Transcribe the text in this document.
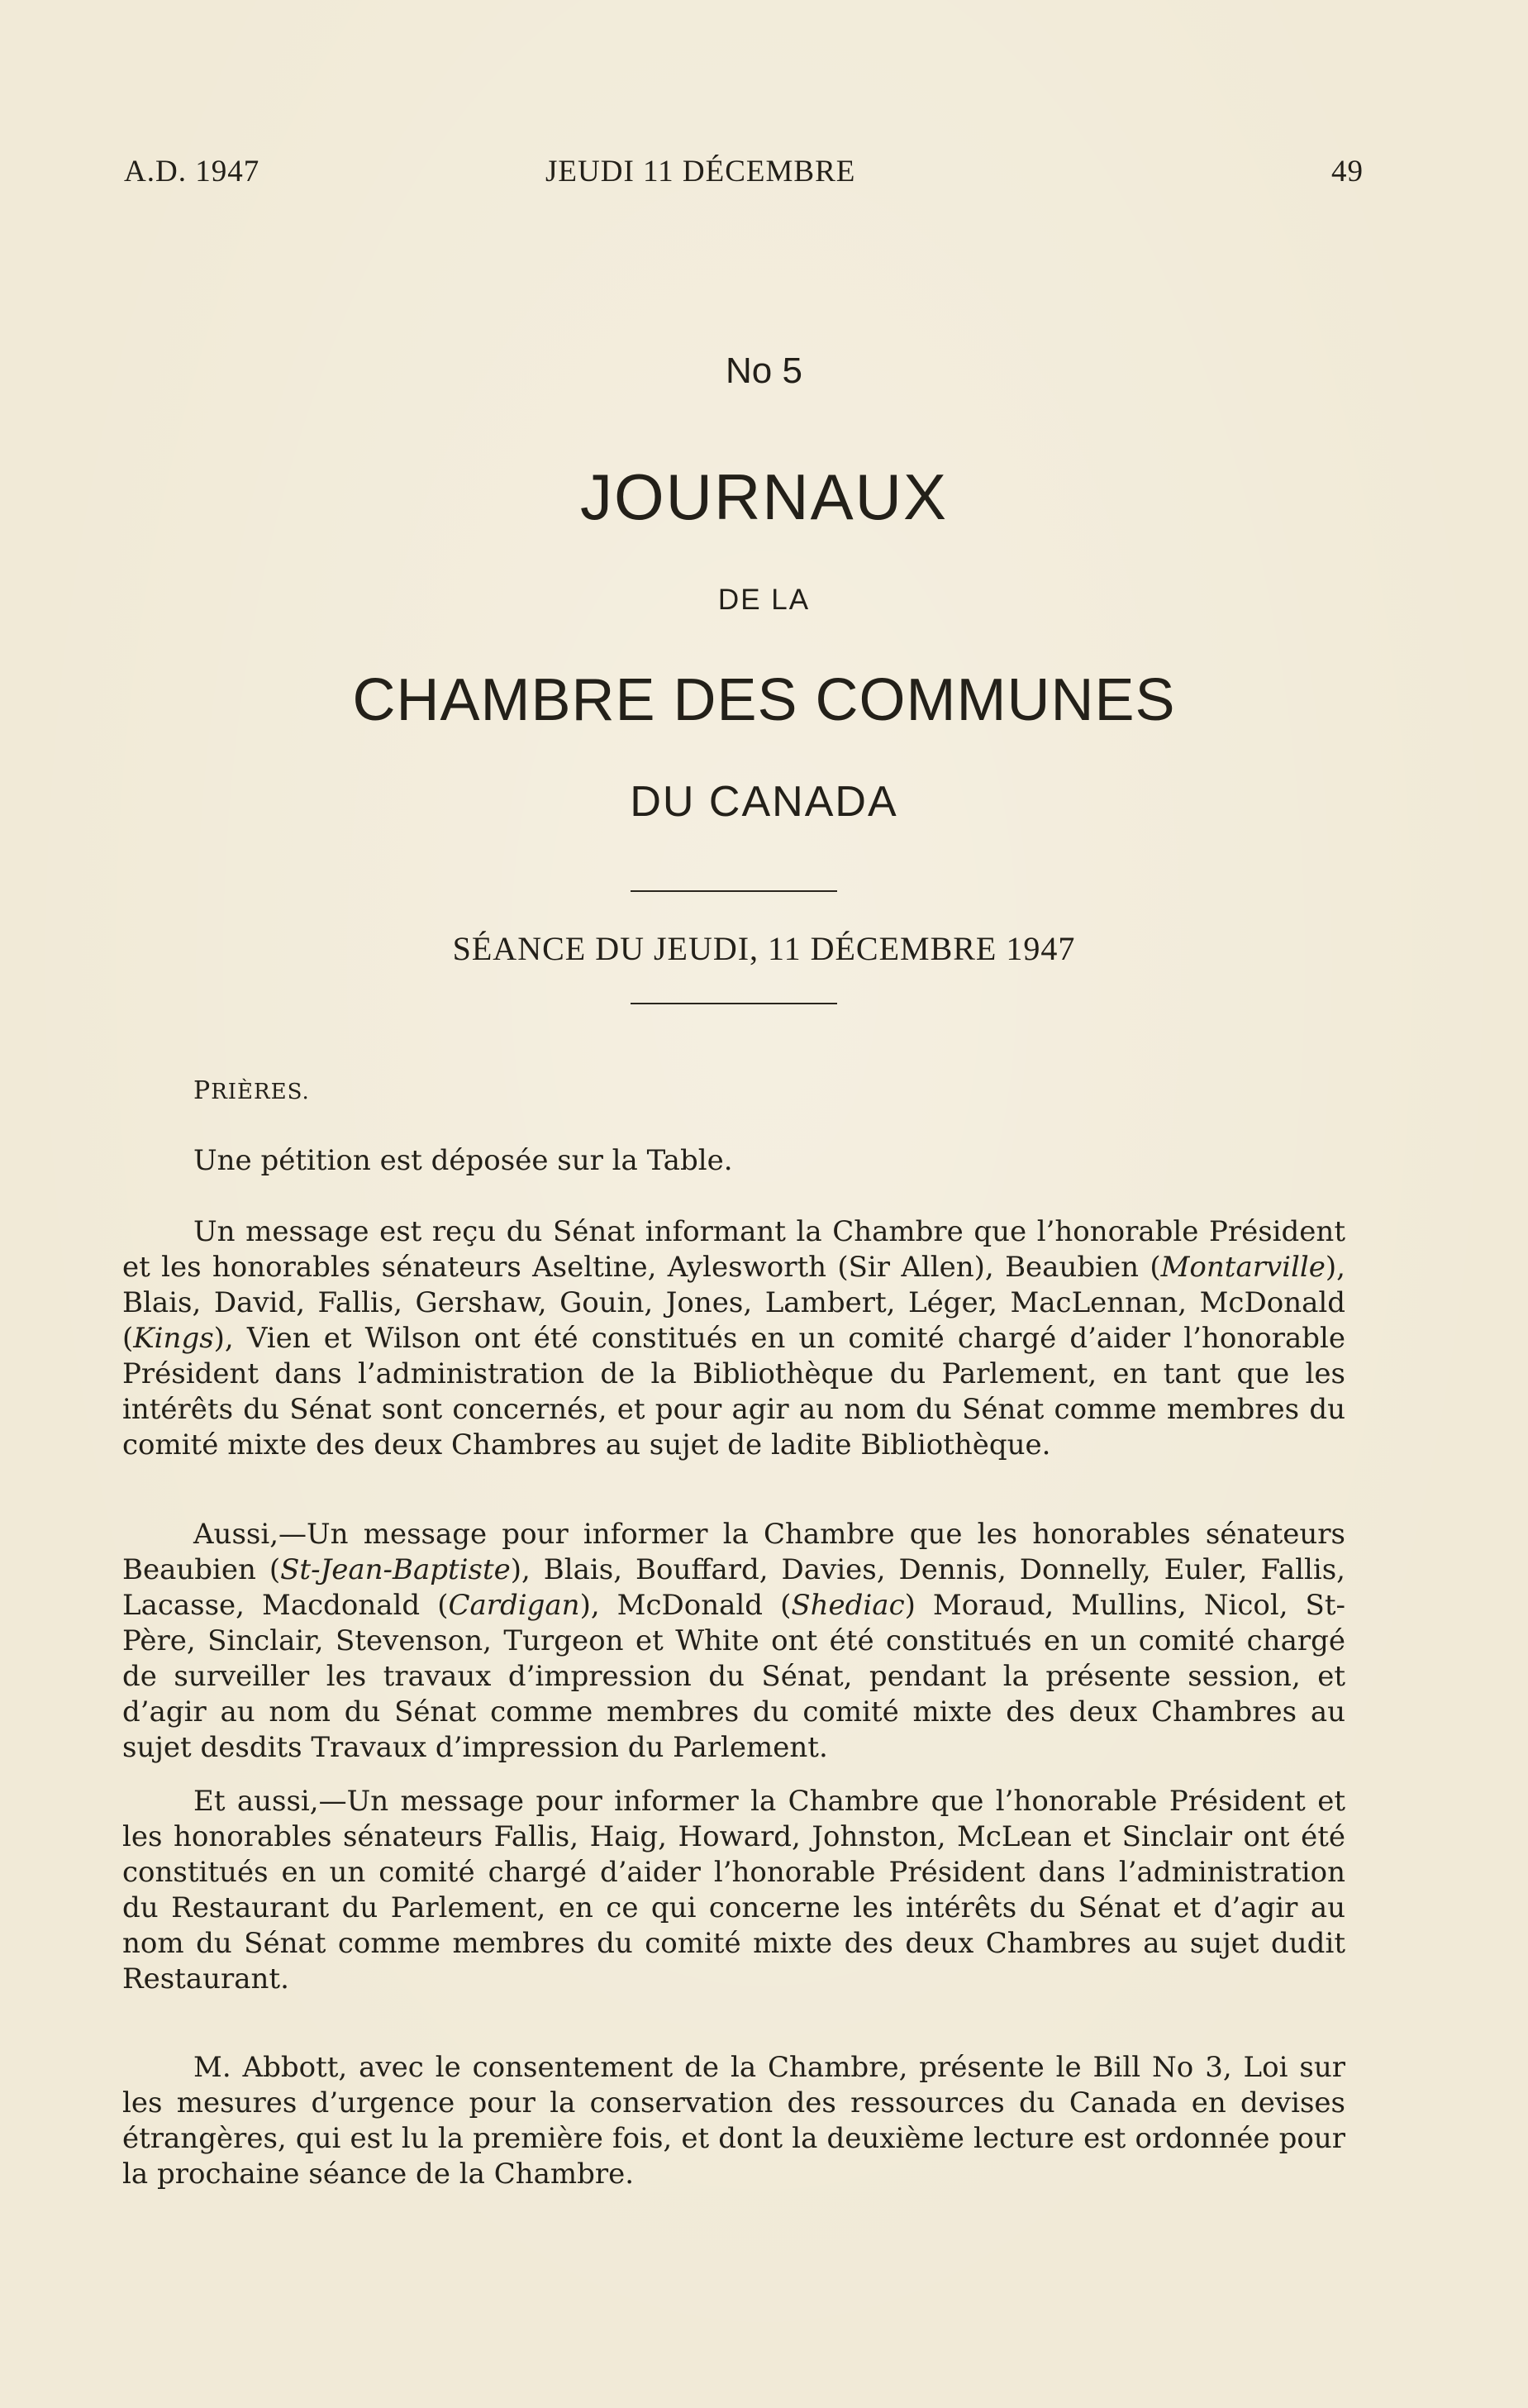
A.D. 1947	JEUDI 11 DÉCEMBRE	49
No 5
JOURNAUX
DE LA
CHAMBRE DES COMMUNES
DU CANADA
SÉANCE DU JEUDI, 11 DÉCEMBRE 1947
PRIÈRES.

Une pétition est déposée sur la Table.

Un message est reçu du Sénat informant la Chambre que l’honorable Président et les honorables sénateurs Aseltine, Aylesworth (Sir Allen), Beaubien (Montarville), Blais, David, Fallis, Gershaw, Gouin, Jones, Lambert, Léger, MacLennan, McDonald (Kings), Vien et Wilson ont été constitués en un comité chargé d’aider l’honorable Président dans l’administration de la Bibliothèque du Parlement, en tant que les intérêts du Sénat sont concernés, et pour agir au nom du Sénat comme membres du comité mixte des deux Chambres au sujet de ladite Bibliothèque.

Aussi,—Un message pour informer la Chambre que les honorables sénateurs Beaubien (St-Jean-Baptiste), Blais, Bouffard, Davies, Dennis, Donnelly, Euler, Fallis, Lacasse, Macdonald (Cardigan), McDonald (Shediac) Moraud, Mullins, Nicol, St-Père, Sinclair, Stevenson, Turgeon et White ont été constitués en un comité chargé de surveiller les travaux d’impression du Sénat, pendant la présente session, et d’agir au nom du Sénat comme membres du comité mixte des deux Chambres au sujet desdits Travaux d’impression du Parlement.

Et aussi,—Un message pour informer la Chambre que l’honorable Président et les honorables sénateurs Fallis, Haig, Howard, Johnston, McLean et Sinclair ont été constitués en un comité chargé d’aider l’honorable Président dans l’administration du Restaurant du Parlement, en ce qui concerne les intérêts du Sénat et d’agir au nom du Sénat comme membres du comité mixte des deux Chambres au sujet dudit Restaurant.

M. Abbott, avec le consentement de la Chambre, présente le Bill No 3, Loi sur les mesures d’urgence pour la conservation des ressources du Canada en devises étrangères, qui est lu la première fois, et dont la deuxième lecture est ordonnée pour la prochaine séance de la Chambre.
